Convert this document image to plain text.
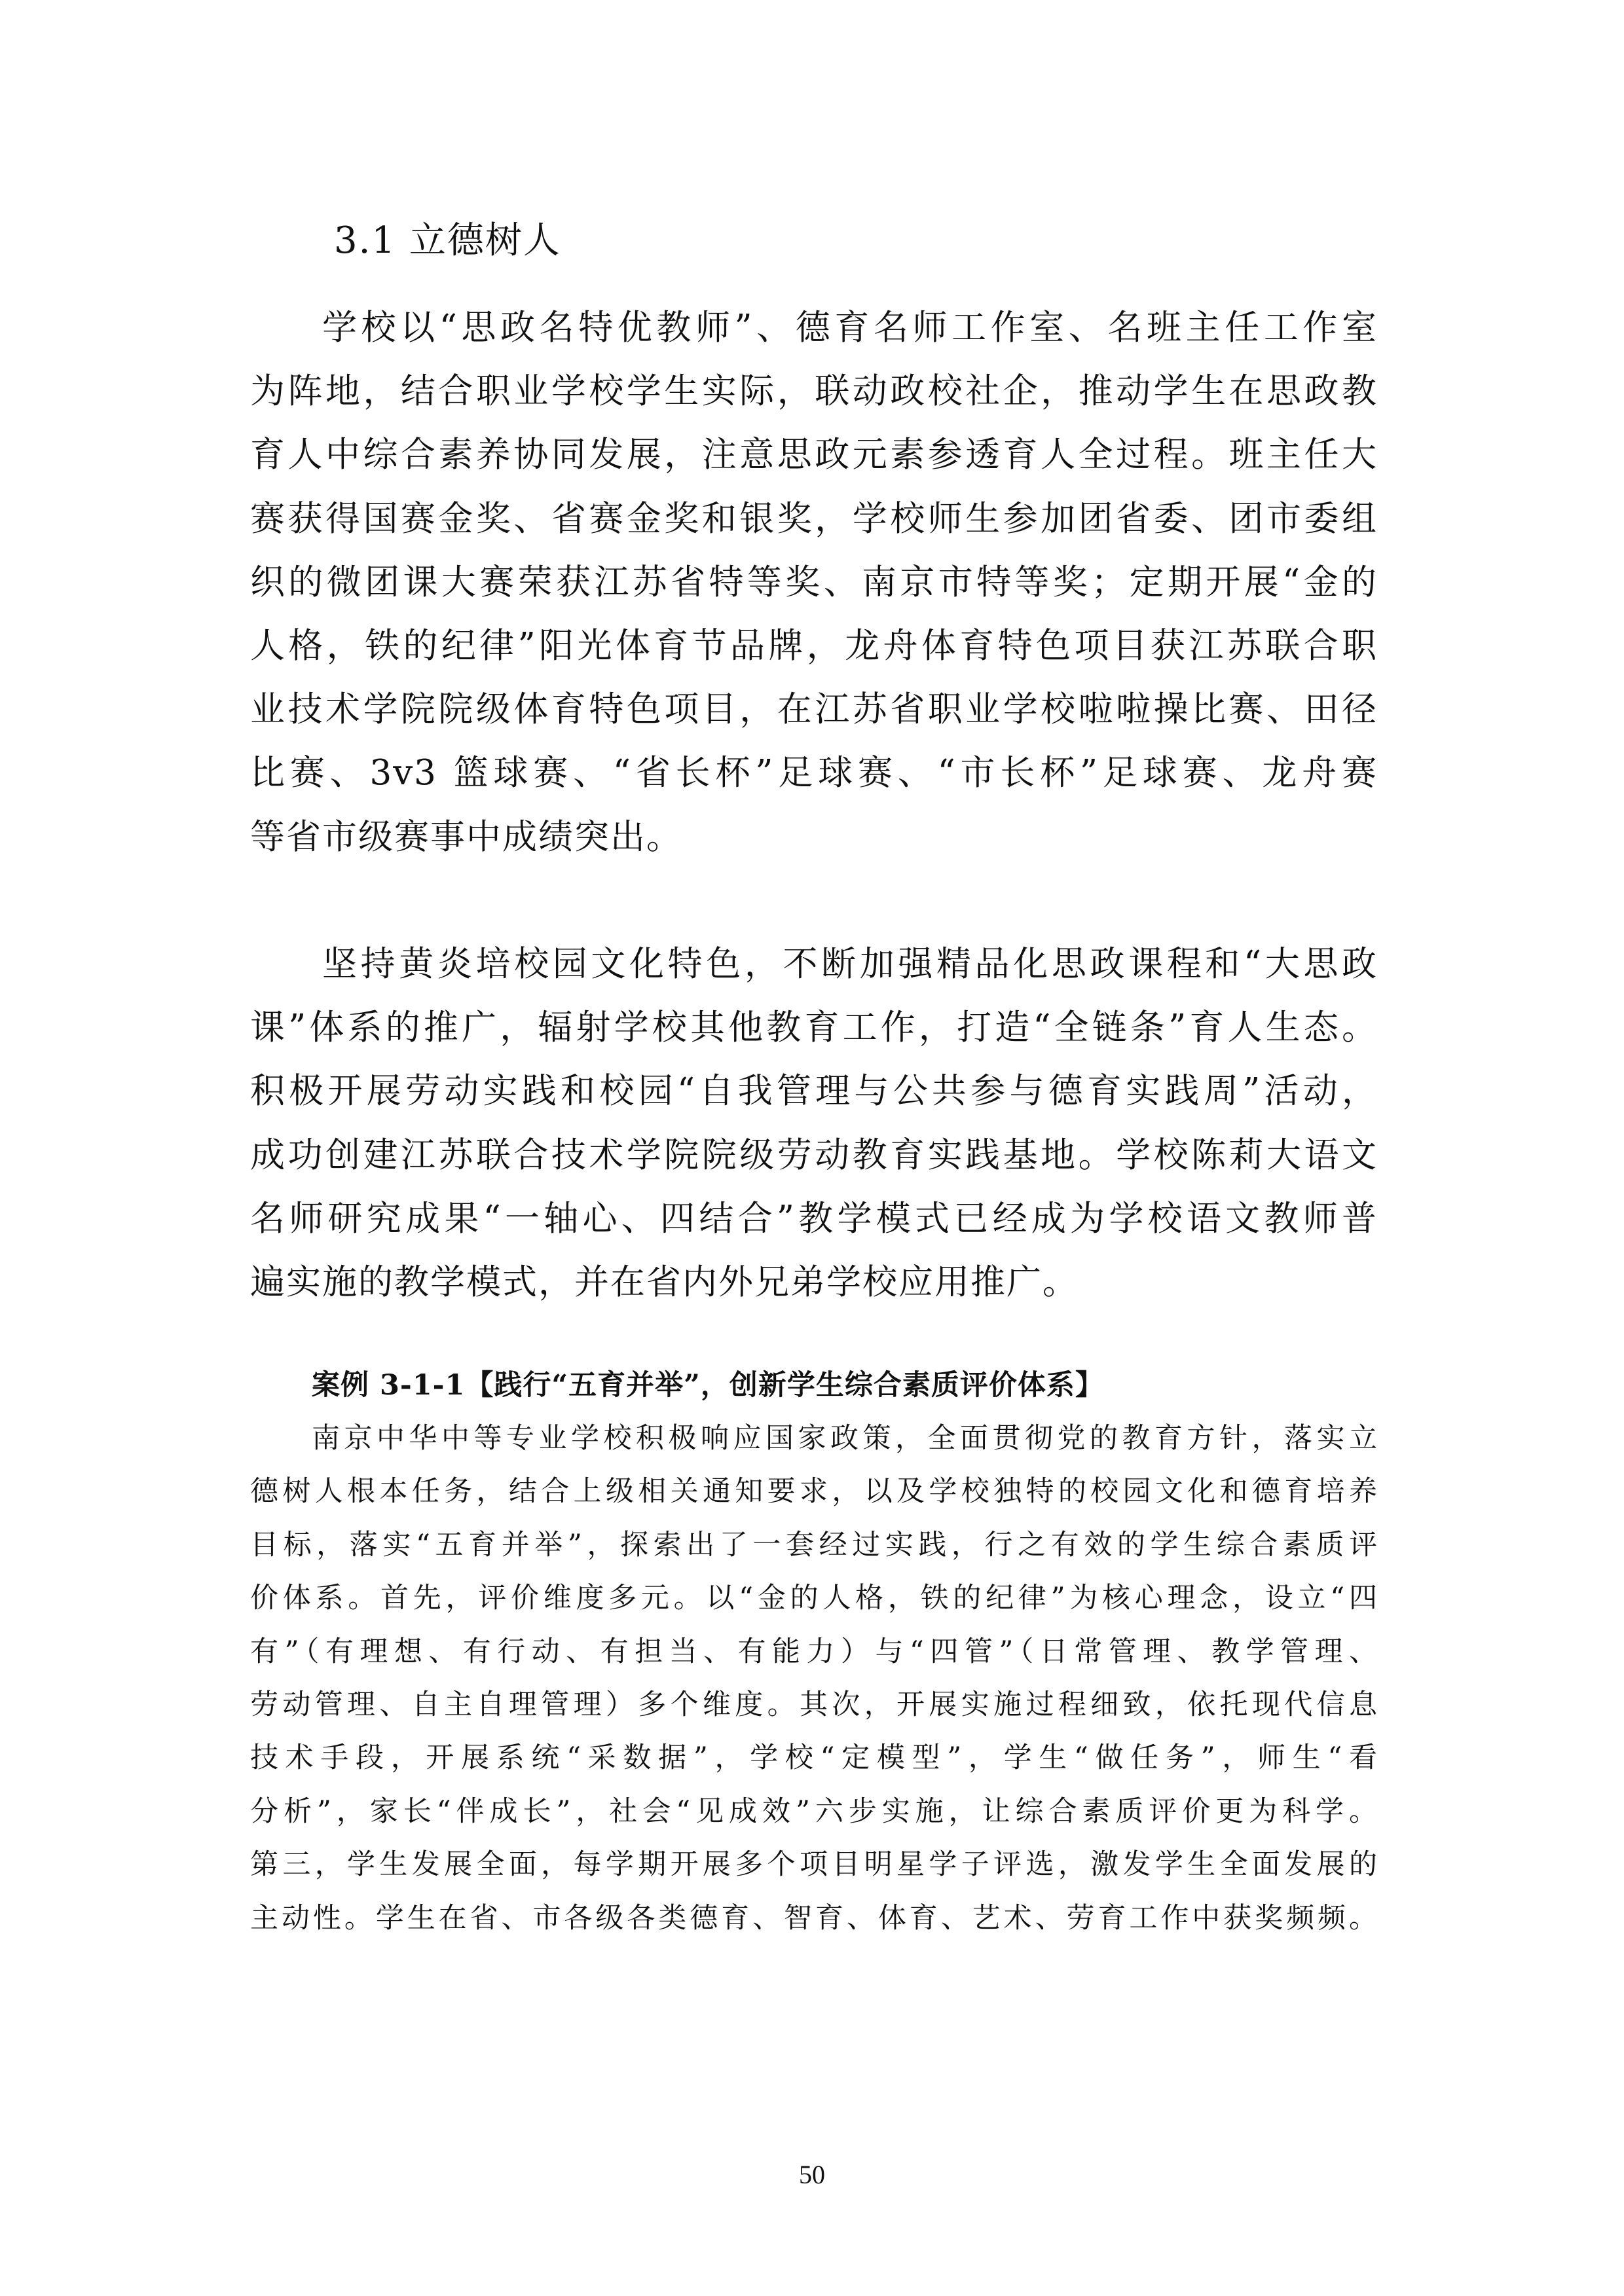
3.1 立德树人
学校以“思政名特优教师”、德育名师工作室、名班主任工作室
为阵地，结合职业学校学生实际，联动政校社企，推动学生在思政教
育人中综合素养协同发展，注意思政元素参透育人全过程。班主任大
赛获得国赛金奖、省赛金奖和银奖，学校师生参加团省委、团市委组
织的微团课大赛荣获江苏省特等奖、南京市特等奖；定期开展“金的
人格，铁的纪律”阳光体育节品牌，龙舟体育特色项目获江苏联合职
业技术学院院级体育特色项目，在江苏省职业学校啦啦操比赛、田径
比赛、3v3 篮球赛、“省长杯”足球赛、“市长杯”足球赛、龙舟赛
等省市级赛事中成绩突出。
坚持黄炎培校园文化特色，不断加强精品化思政课程和“大思政
课”体系的推广，辐射学校其他教育工作，打造“全链条”育人生态。
积极开展劳动实践和校园“自我管理与公共参与德育实践周”活动，
成功创建江苏联合技术学院院级劳动教育实践基地。学校陈莉大语文
名师研究成果“一轴心、四结合”教学模式已经成为学校语文教师普
遍实施的教学模式，并在省内外兄弟学校应用推广。
案例 3-1-1【践行“五育并举”，创新学生综合素质评价体系】
南京中华中等专业学校积极响应国家政策，全面贯彻党的教育方针，落实立
德树人根本任务，结合上级相关通知要求，以及学校独特的校园文化和德育培养
目标，落实“五育并举”，探索出了一套经过实践，行之有效的学生综合素质评
价体系。首先，评价维度多元。以“金的人格，铁的纪律”为核心理念，设立“四
有”（有理想、有行动、有担当、有能力）与“四管”（日常管理、教学管理、
劳动管理、自主自理管理）多个维度。其次，开展实施过程细致，依托现代信息
技术手段，开展系统“采数据”，学校“定模型”，学生“做任务”，师生“看
分析”，家长“伴成长”，社会“见成效”六步实施，让综合素质评价更为科学。
第三，学生发展全面，每学期开展多个项目明星学子评选，激发学生全面发展的
主动性。学生在省、市各级各类德育、智育、体育、艺术、劳育工作中获奖频频。
50
